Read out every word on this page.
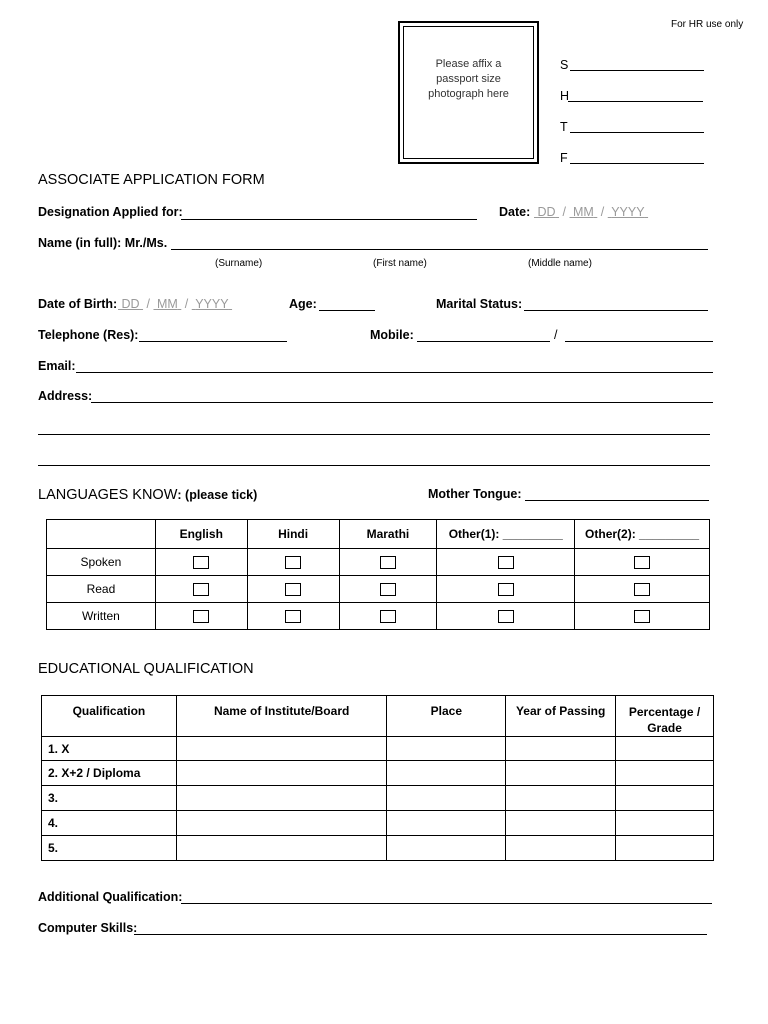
For HR use only
Please affix a
passport size
photograph here
S
H
T
F
ASSOCIATE APPLICATION FORM
Designation Applied for:	Date: DD / MM / YYYY
Name (in full): Mr./Ms.
(Surname)	(First name)	(Middle name)
Date of Birth: DD / MM / YYYY	Age:	Marital Status:
Telephone (Res):	Mobile:	/
Email:
Address:
LANGUAGES KNOW: (please tick)	Mother Tongue:
	English	Hindi	Marathi	Other(1): _________	Other(2): _________
Spoken					
Read					
Written					
EDUCATIONAL QUALIFICATION
Qualification	Name of Institute/Board	Place	Year of Passing	Percentage / Grade
1. X				
2. X+2 / Diploma				
3.				
4.				
5.				
Additional Qualification:
Computer Skills:
